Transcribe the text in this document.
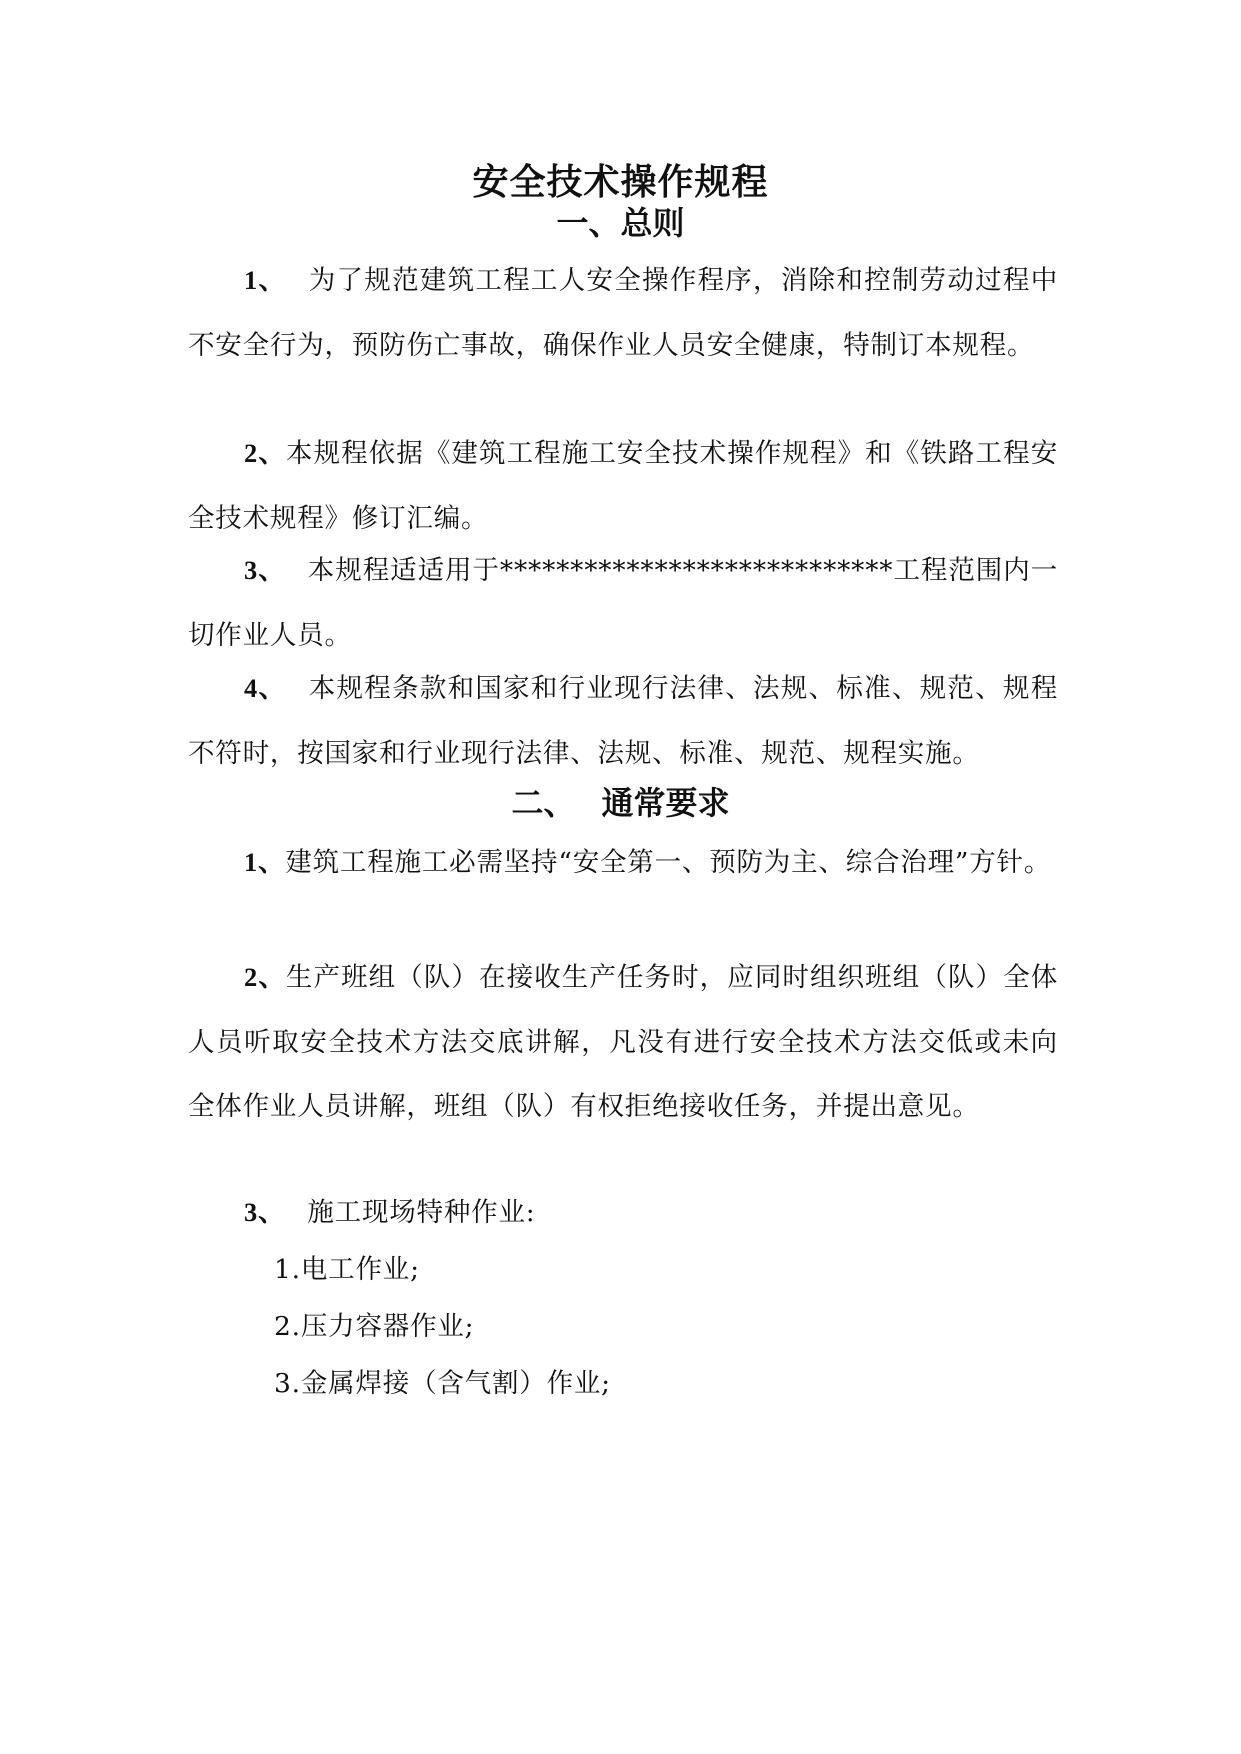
安全技术操作规程
一、总则
1、 为了规范建筑工程工人安全操作程序，消除和控制劳动过程中不安全行为，预防伤亡事故，确保作业人员安全健康，特制订本规程。
2、本规程依据《建筑工程施工安全技术操作规程》和《铁路工程安全技术规程》修订汇编。
3、 本规程适适用于****************************工程范围内一切作业人员。
4、 本规程条款和国家和行业现行法律、法规、标准、规范、规程不符时，按国家和行业现行法律、法规、标准、规范、规程实施。
二、 通常要求
1、建筑工程施工必需坚持“安全第一、预防为主、综合治理”方针。
2、生产班组（队）在接收生产任务时，应同时组织班组（队）全体人员听取安全技术方法交底讲解，凡没有进行安全技术方法交低或未向全体作业人员讲解，班组（队）有权拒绝接收任务，并提出意见。
3、 施工现场特种作业:
1.电工作业;
2.压力容器作业;
3.金属焊接（含气割）作业;
